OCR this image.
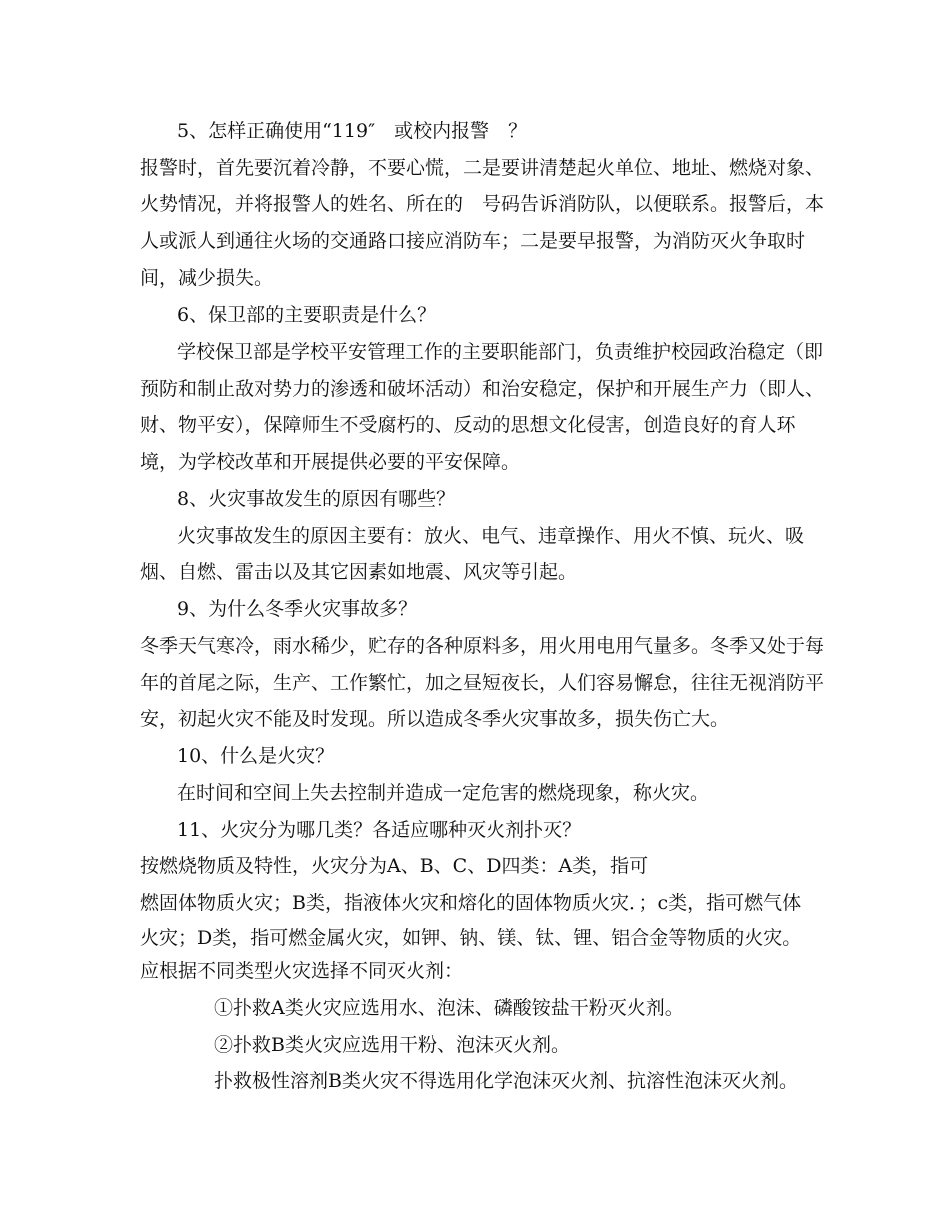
5、怎样正确使用“119″　或校内报警　？
报警时，首先要沉着冷静，不要心慌，二是要讲清楚起火单位、地址、燃烧对象、
火势情况，并将报警人的姓名、所在的　号码告诉消防队，以便联系。报警后，本
人或派人到通往火场的交通路口接应消防车；二是要早报警，为消防灭火争取时
间，减少损失。
6、保卫部的主要职责是什么？
学校保卫部是学校平安管理工作的主要职能部门，负责维护校园政治稳定（即
预防和制止敌对势力的渗透和破坏活动）和治安稳定，保护和开展生产力（即人、
财、物平安），保障师生不受腐朽的、反动的思想文化侵害，创造良好的育人环
境，为学校改革和开展提供必要的平安保障。
8、火灾事故发生的原因有哪些？
火灾事故发生的原因主要有：放火、电气、违章操作、用火不慎、玩火、吸
烟、自燃、雷击以及其它因素如地震、风灾等引起。
9、为什么冬季火灾事故多？
冬季天气寒冷，雨水稀少，贮存的各种原料多，用火用电用气量多。冬季又处于每
年的首尾之际，生产、工作繁忙，加之昼短夜长，人们容易懈怠，往往无视消防平
安，初起火灾不能及时发现。所以造成冬季火灾事故多，损失伤亡大。
10、什么是火灾？
在时间和空间上失去控制并造成一定危害的燃烧现象，称火灾。
11、火灾分为哪几类？各适应哪种灭火剂扑灭？
按燃烧物质及特性，火灾分为A、B、C、D四类：A类，指可
燃固体物质火灾；B类，指液体火灾和熔化的固体物质火灾．；c类，指可燃气体
火灾；D类，指可燃金属火灾，如钾、钠、镁、钛、锂、铝合金等物质的火灾。
应根据不同类型火灾选择不同灭火剂：
①扑救A类火灾应选用水、泡沫、磷酸铵盐干粉灭火剂。
②扑救B类火灾应选用干粉、泡沫灭火剂。
扑救极性溶剂B类火灾不得选用化学泡沫灭火剂、抗溶性泡沫灭火剂。
